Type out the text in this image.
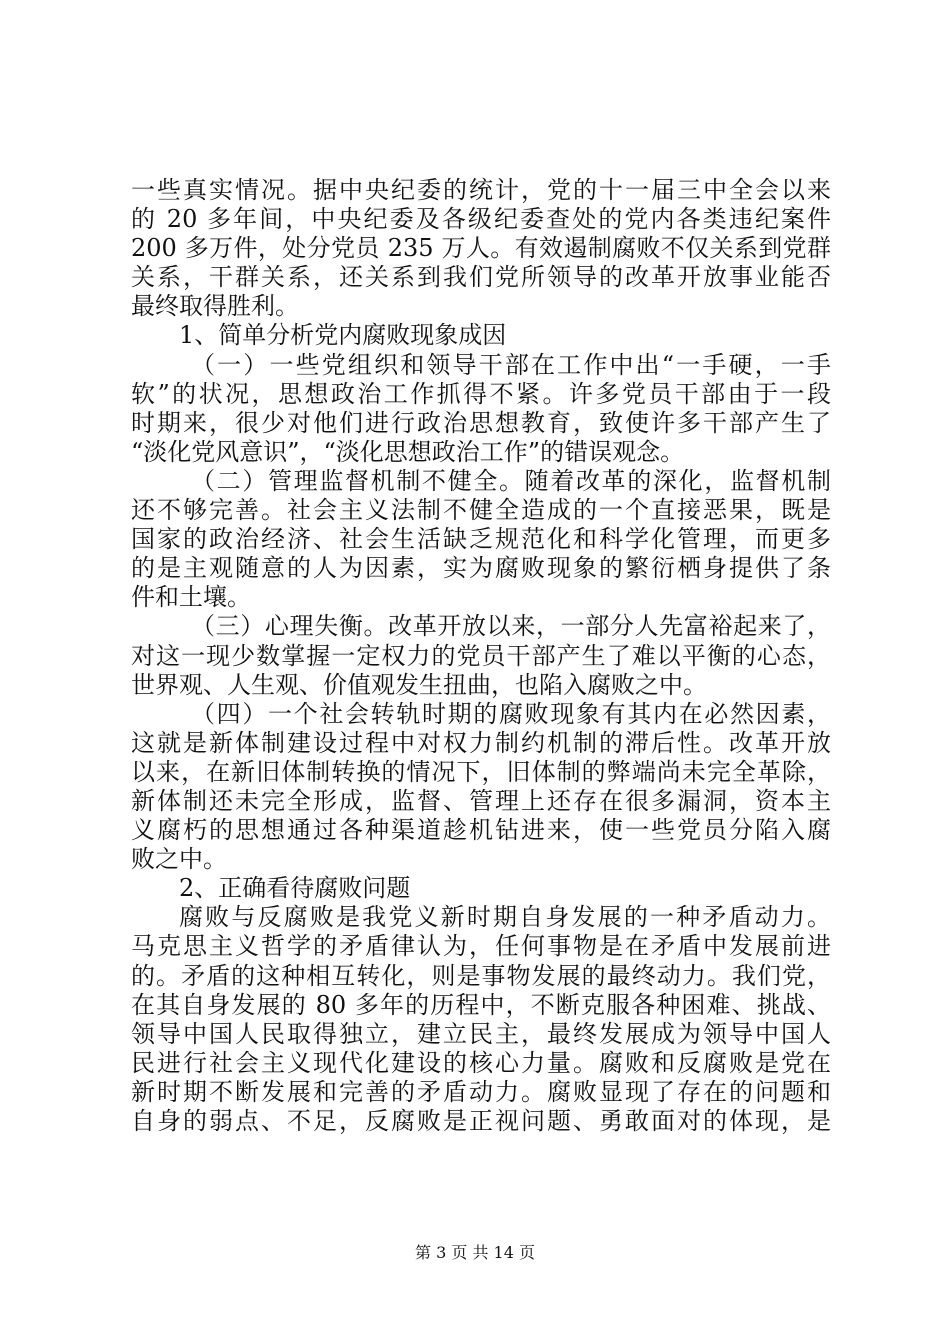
一些真实情况。据中央纪委的统计，党的十一届三中全会以来
的 20 多年间，中央纪委及各级纪委查处的党内各类违纪案件
200 多万件，处分党员 235 万人。有效遏制腐败不仅关系到党群
关系，干群关系，还关系到我们党所领导的改革开放事业能否
最终取得胜利。
1、简单分析党内腐败现象成因
（一）一些党组织和领导干部在工作中出“一手硬，一手
软”的状况，思想政治工作抓得不紧。许多党员干部由于一段
时期来，很少对他们进行政治思想教育，致使许多干部产生了
“淡化党风意识”，“淡化思想政治工作”的错误观念。
（二）管理监督机制不健全。随着改革的深化，监督机制
还不够完善。社会主义法制不健全造成的一个直接恶果，既是
国家的政治经济、社会生活缺乏规范化和科学化管理，而更多
的是主观随意的人为因素，实为腐败现象的繁衍栖身提供了条
件和土壤。
（三）心理失衡。改革开放以来，一部分人先富裕起来了，
对这一现少数掌握一定权力的党员干部产生了难以平衡的心态，
世界观、人生观、价值观发生扭曲，也陷入腐败之中。
（四）一个社会转轨时期的腐败现象有其内在必然因素，
这就是新体制建设过程中对权力制约机制的滞后性。改革开放
以来，在新旧体制转换的情况下，旧体制的弊端尚未完全革除，
新体制还未完全形成，监督、管理上还存在很多漏洞，资本主
义腐朽的思想通过各种渠道趁机钻进来，使一些党员分陷入腐
败之中。
2、正确看待腐败问题
腐败与反腐败是我党义新时期自身发展的一种矛盾动力。
马克思主义哲学的矛盾律认为，任何事物是在矛盾中发展前进
的。矛盾的这种相互转化，则是事物发展的最终动力。我们党，
在其自身发展的 80 多年的历程中，不断克服各种困难、挑战、
领导中国人民取得独立，建立民主，最终发展成为领导中国人
民进行社会主义现代化建设的核心力量。腐败和反腐败是党在
新时期不断发展和完善的矛盾动力。腐败显现了存在的问题和
自身的弱点、不足，反腐败是正视问题、勇敢面对的体现，是
第 3 页 共 14 页
